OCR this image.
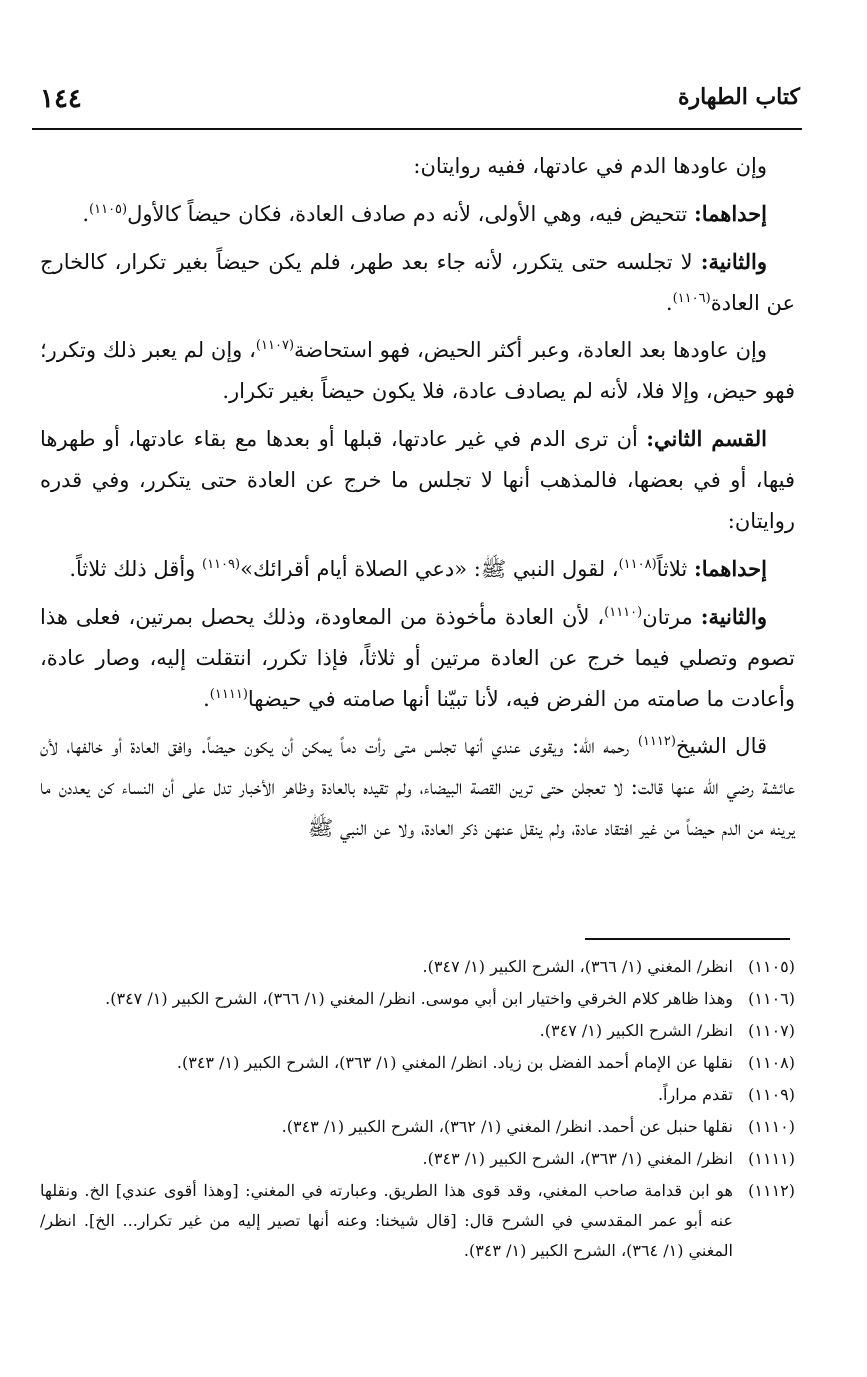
١٤٤	كتاب الطهارة

وإن عاودها الدم في عادتها، ففيه روايتان:

إحداهما: تتحيض فيه، وهي الأولى، لأنه دم صادف العادة، فكان حيضاً كالأول$^{(١١٠٥)}$.

والثانية: لا تجلسه حتى يتكرر، لأنه جاء بعد طهر، فلم يكن حيضاً بغير تكرار، كالخارج عن العادة$^{(١١٠٦)}$.

وإن عاودها بعد العادة، وعبر أكثر الحيض، فهو استحاضة$^{(١١٠٧)}$، وإن لم يعبر ذلك وتكرر؛ فهو حيض، وإلا فلا، لأنه لم يصادف عادة، فلا يكون حيضاً بغير تكرار.

القسم الثاني: أن ترى الدم في غير عادتها، قبلها أو بعدها مع بقاء عادتها، أو طهرها فيها، أو في بعضها، فالمذهب أنها لا تجلس ما خرج عن العادة حتى يتكرر، وفي قدره روايتان:

إحداهما: ثلاثاً$^{(١١٠٨)}$، لقول النبي ﷺ: «دعي الصلاة أيام أقرائك»$^{(١١٠٩)}$ وأقل ذلك ثلاثاً.

والثانية: مرتان$^{(١١١٠)}$، لأن العادة مأخوذة من المعاودة، وذلك يحصل بمرتين، فعلى هذا تصوم وتصلي فيما خرج عن العادة مرتين أو ثلاثاً، فإذا تكرر، انتقلت إليه، وصار عادة، وأعادت ما صامته من الفرض فيه، لأنا تبيّنا أنها صامته في حيضها$^{(١١١١)}$.

قال الشيخ$^{(١١١٢)}$ رحمه الله: ويقوى عندي أنها تجلس متى رأت دماً يمكن أن يكون حيضاً. وافق العادة أو خالفها، لأن عائشة رضي الله عنها قالت: لا تعجلن حتى ترين القصة البيضاء، ولم تقيده بالعادة وظاهر الأخبار تدل على أن النساء كن يعددن ما يرينه من الدم حيضاً من غير افتقاد عادة، ولم ينقل عنهن ذكر العادة، ولا عن النبي ﷺ

(١١٠٥)
انظر/ المغني (١/ ٣٦٦)، الشرح الكبير (١/ ٣٤٧).
(١١٠٦)
وهذا ظاهر كلام الخرقي واختيار ابن أبي موسى. انظر/ المغني (١/ ٣٦٦)، الشرح الكبير (١/ ٣٤٧).
(١١٠٧)
انظر/ الشرح الكبير (١/ ٣٤٧).
(١١٠٨)
نقلها عن الإمام أحمد الفضل بن زياد. انظر/ المغني (١/ ٣٦٣)، الشرح الكبير (١/ ٣٤٣).
(١١٠٩)
تقدم مراراً.
(١١١٠)
نقلها حنبل عن أحمد. انظر/ المغني (١/ ٣٦٢)، الشرح الكبير (١/ ٣٤٣).
(١١١١)
انظر/ المغني (١/ ٣٦٣)، الشرح الكبير (١/ ٣٤٣).
(١١١٢)
هو ابن قدامة صاحب المغني، وقد قوى هذا الطريق. وعبارته في المغني: [وهذا أقوى عندي] الخ. ونقلها عنه أبو عمر المقدسي في الشرح قال: [قال شيخنا: وعنه أنها تصير إليه من غير تكرار... الخ]. انظر/ المغني (١/ ٣٦٤)، الشرح الكبير (١/ ٣٤٣).
